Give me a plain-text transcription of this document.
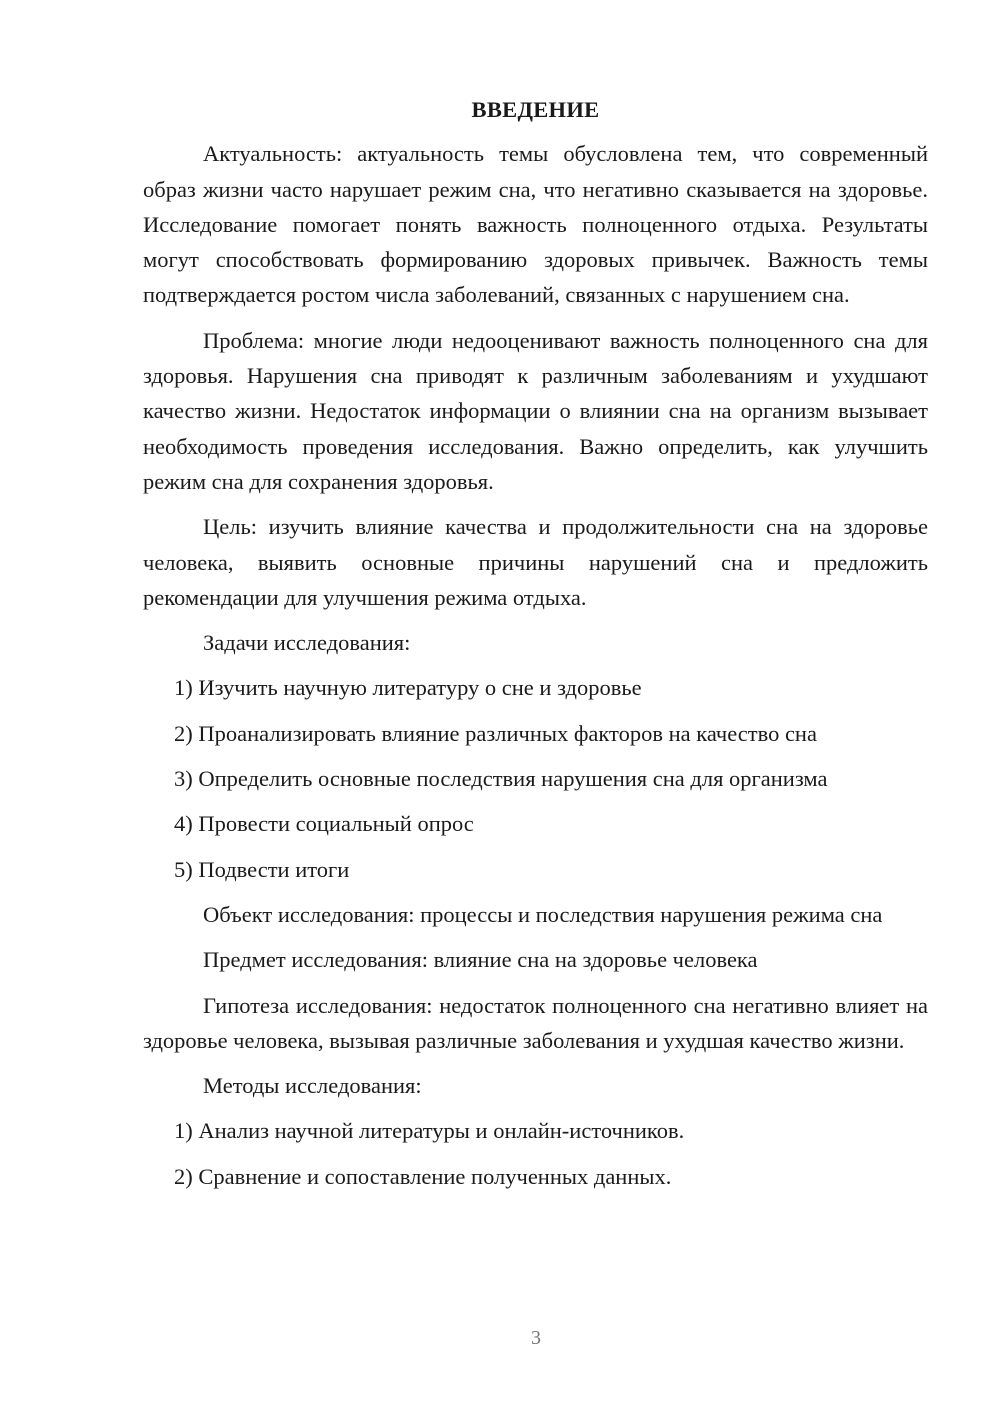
ВВЕДЕНИЕ

Актуальность: актуальность темы обусловлена тем, что современный образ жизни часто нарушает режим сна, что негативно сказывается на здоровье. Исследование помогает понять важность полноценного отдыха. Результаты могут способствовать формированию здоровых привычек. Важность темы подтверждается ростом числа заболеваний, связанных с нарушением сна.

Проблема: многие люди недооценивают важность полноценного сна для здоровья. Нарушения сна приводят к различным заболеваниям и ухудшают качество жизни. Недостаток информации о влиянии сна на организм вызывает необходимость проведения исследования. Важно определить, как улучшить режим сна для сохранения здоровья.

Цель: изучить влияние качества и продолжительности сна на здоровье человека, выявить основные причины нарушений сна и предложить рекомендации для улучшения режима отдыха.

Задачи исследования:

1) Изучить научную литературу о сне и здоровье
2) Проанализировать влияние различных факторов на качество сна
3) Определить основные последствия нарушения сна для организма
4) Провести социальный опрос
5) Подвести итоги

Объект исследования: процессы и последствия нарушения режима сна

Предмет исследования: влияние сна на здоровье человека

Гипотеза исследования: недостаток полноценного сна негативно влияет на здоровье человека, вызывая различные заболевания и ухудшая качество жизни.

Методы исследования:

1) Анализ научной литературы и онлайн-источников.
2) Сравнение и сопоставление полученных данных.
3
